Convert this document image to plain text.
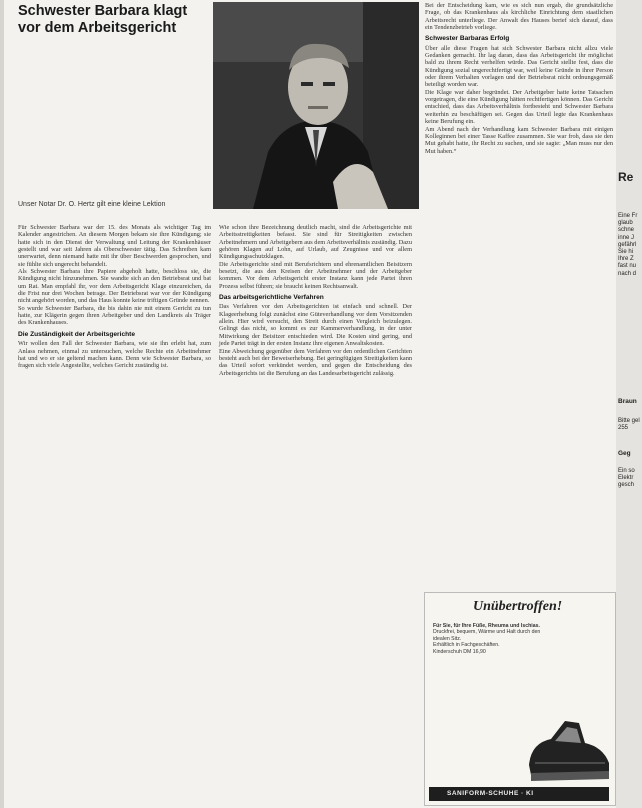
Schwester Barbara klagt vor dem Arbeitsgericht
Unser Notar Dr. O. Hertz gilt eine kleine Lektion

Für Schwester Barbara war der 15. des Monats als wichtiger Tag im Kalender angestrichen. An diesem Morgen bekam sie ihre Kündigung; sie hatte sich in den Dienst der Verwaltung und Leitung der Krankenhäuser gestellt und war seit Jahren als Oberschwester tätig. Das Schreiben kam unerwartet, denn niemand hatte mit ihr über Beschwerden gesprochen, und sie fühlte sich ungerecht behandelt.

Als Schwester Barbara ihre Papiere abgeholt hatte, beschloss sie, die Kündigung nicht hinzunehmen. Sie wandte sich an den Betriebsrat und bat um Rat. Man empfahl ihr, vor dem Arbeitsgericht Klage einzureichen, da die Frist nur drei Wochen betrage. Der Betriebsrat war vor der Kündigung nicht angehört worden, und das Haus konnte keine triftigen Gründe nennen.

So wurde Schwester Barbara, die bis dahin nie mit einem Gericht zu tun hatte, zur Klägerin gegen ihren Arbeitgeber und den Landkreis als Träger des Krankenhauses.

Die Zuständigkeit der Arbeitsgerichte

Wir wollen den Fall der Schwester Barbara, wie sie ihn erlebt hat, zum Anlass nehmen, einmal zu untersuchen, welche Rechte ein Arbeitnehmer hat und wo er sie geltend machen kann. Denn wie Schwester Barbara, so fragen sich viele Angestellte, welches Gericht zuständig ist.

Wie schon ihre Bezeichnung deutlich macht, sind die Arbeitsgerichte mit Arbeitsstreitigkeiten befasst. Sie sind für Streitigkeiten zwischen Arbeitnehmern und Arbeitgebern aus dem Arbeitsverhältnis zuständig. Dazu gehören Klagen auf Lohn, auf Urlaub, auf Zeugnisse und vor allem Kündigungsschutzklagen.

Die Arbeitsgerichte sind mit Berufsrichtern und ehrenamtlichen Beisitzern besetzt, die aus den Kreisen der Arbeitnehmer und der Arbeitgeber kommen. Vor dem Arbeitsgericht erster Instanz kann jede Partei ihren Prozess selbst führen; sie braucht keinen Rechtsanwalt.

Das arbeitsgerichtliche Verfahren

Das Verfahren vor den Arbeitsgerichten ist einfach und schnell. Der Klageerhebung folgt zunächst eine Güteverhandlung vor dem Vorsitzenden allein. Hier wird versucht, den Streit durch einen Vergleich beizulegen. Gelingt das nicht, so kommt es zur Kammerverhandlung, in der unter Mitwirkung der Beisitzer entschieden wird. Die Kosten sind gering, und jede Partei trägt in der ersten Instanz ihre eigenen Anwaltskosten.

Eine Abweichung gegenüber dem Verfahren vor den ordentlichen Gerichten besteht auch bei der Beweiserhebung. Bei geringfügigen Streitigkeiten kann das Urteil sofort verkündet werden, und gegen die Entscheidung des Arbeitsgerichts ist die Berufung an das Landesarbeitsgericht zulässig.

Bei der Entscheidung kam, wie es sich nun ergab, die grundsätzliche Frage, ob das Krankenhaus als kirchliche Einrichtung dem staatlichen Arbeitsrecht unterliege. Der Anwalt des Hauses berief sich darauf, dass ein Tendenzbetrieb vorliege.

Schwester Barbaras Erfolg

Über alle diese Fragen hat sich Schwester Barbara nicht allzu viele Gedanken gemacht. Ihr lag daran, dass das Arbeitsgericht ihr möglichst bald zu ihrem Recht verhelfen würde. Das Gericht stellte fest, dass die Kündigung sozial ungerechtfertigt war, weil keine Gründe in ihrer Person oder ihrem Verhalten vorlagen und der Betriebsrat nicht ordnungsgemäß beteiligt worden war.

Die Klage war daher begründet. Der Arbeitgeber hatte keine Tatsachen vorgetragen, die eine Kündigung hätten rechtfertigen können. Das Gericht entschied, dass das Arbeitsverhältnis fortbesteht und Schwester Barbara weiterhin zu beschäftigen sei. Gegen das Urteil legte das Krankenhaus keine Berufung ein.

Am Abend nach der Verhandlung kam Schwester Barbara mit einigen Kolleginnen bei einer Tasse Kaffee zusammen. Sie war froh, dass sie den Mut gehabt hatte, ihr Recht zu suchen, und sie sagte: „Man muss nur den Mut haben.“

Unübertroffen!
Für Sie, für Ihre Füße, Rheuma und Ischias.
Druckfrei, bequem, Wärme und Halt durch den idealen Sitz.
Erhältlich in Fachgeschäften.
Kinderschuh DM 16,90
SANIFORM-SCHUHE · KI
Re
Eine Fr glaub schne inne J gefährl Sie hi Ihre Z fast nu nach d
Braun
Bitte gel 255
Geg
Ein so Elektr gesch
